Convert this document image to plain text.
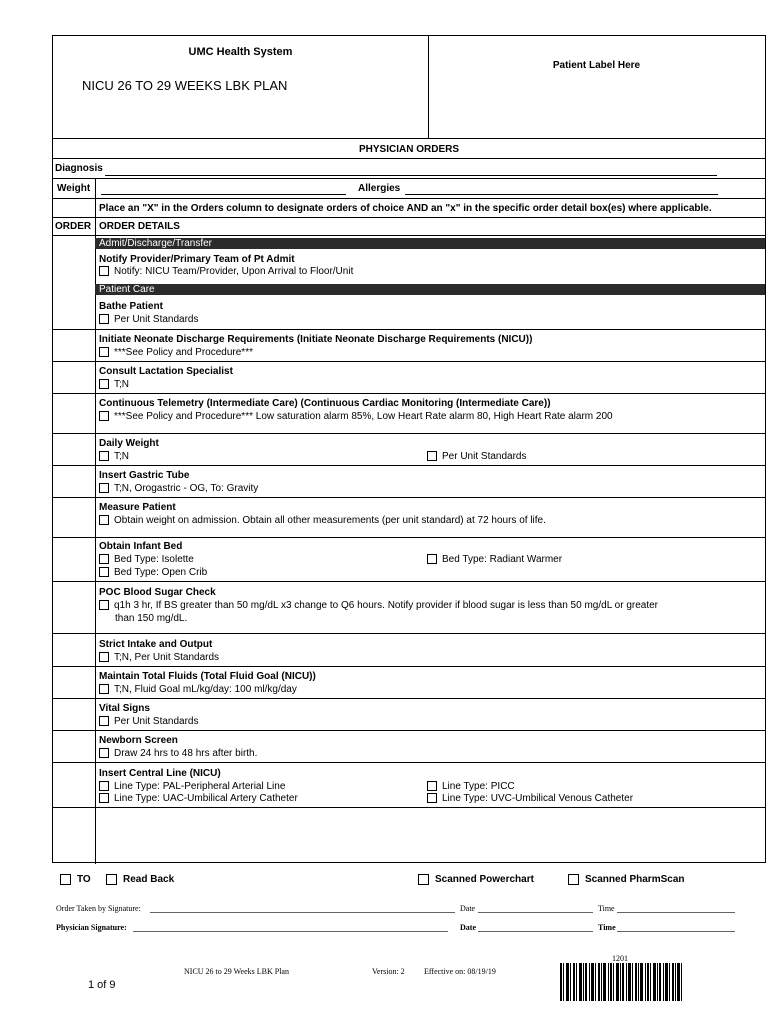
UMC Health System
NICU 26 TO 29 WEEKS LBK PLAN
Patient Label Here
PHYSICIAN ORDERS
Diagnosis
Weight	Allergies
Place an "X" in the Orders column to designate orders of choice AND an "x" in the specific order detail box(es) where applicable.
ORDER ORDER DETAILS
Admit/Discharge/Transfer
Notify Provider/Primary Team of Pt Admit
Notify: NICU Team/Provider, Upon Arrival to Floor/Unit
Patient Care
Bathe Patient
Per Unit Standards
Initiate Neonate Discharge Requirements (Initiate Neonate Discharge Requirements (NICU))
***See Policy and Procedure***
Consult Lactation Specialist
T;N
Continuous Telemetry (Intermediate Care) (Continuous Cardiac Monitoring (Intermediate Care))
***See Policy and Procedure*** Low saturation alarm 85%, Low Heart Rate alarm 80, High Heart Rate alarm 200
Daily Weight
T;N	Per Unit Standards
Insert Gastric Tube
T;N, Orogastric - OG, To: Gravity
Measure Patient
Obtain weight on admission. Obtain all other measurements (per unit standard) at 72 hours of life.
Obtain Infant Bed
Bed Type: Isolette	Bed Type: Radiant Warmer
Bed Type: Open Crib
POC Blood Sugar Check
q1h 3 hr, If BS greater than 50 mg/dL x3 change to Q6 hours. Notify provider if blood sugar is less than 50 mg/dL or greater
than 150 mg/dL.
Strict Intake and Output
T;N, Per Unit Standards
Maintain Total Fluids (Total Fluid Goal (NICU))
T;N, Fluid Goal mL/kg/day: 100 ml/kg/day
Vital Signs
Per Unit Standards
Newborn Screen
Draw 24 hrs to 48 hrs after birth.
Insert Central Line (NICU)
Line Type: PAL-Peripheral Arterial Line	Line Type: PICC
Line Type: UAC-Umbilical Artery Catheter	Line Type: UVC-Umbilical Venous Catheter
TO	Read Back	Scanned Powerchart	Scanned PharmScan
Order Taken by Signature:	Date	Time
Physician Signature:	Date	Time
NICU 26 to 29 Weeks LBK Plan	Version: 2 Effective on: 08/19/19
1 of 9
1201
